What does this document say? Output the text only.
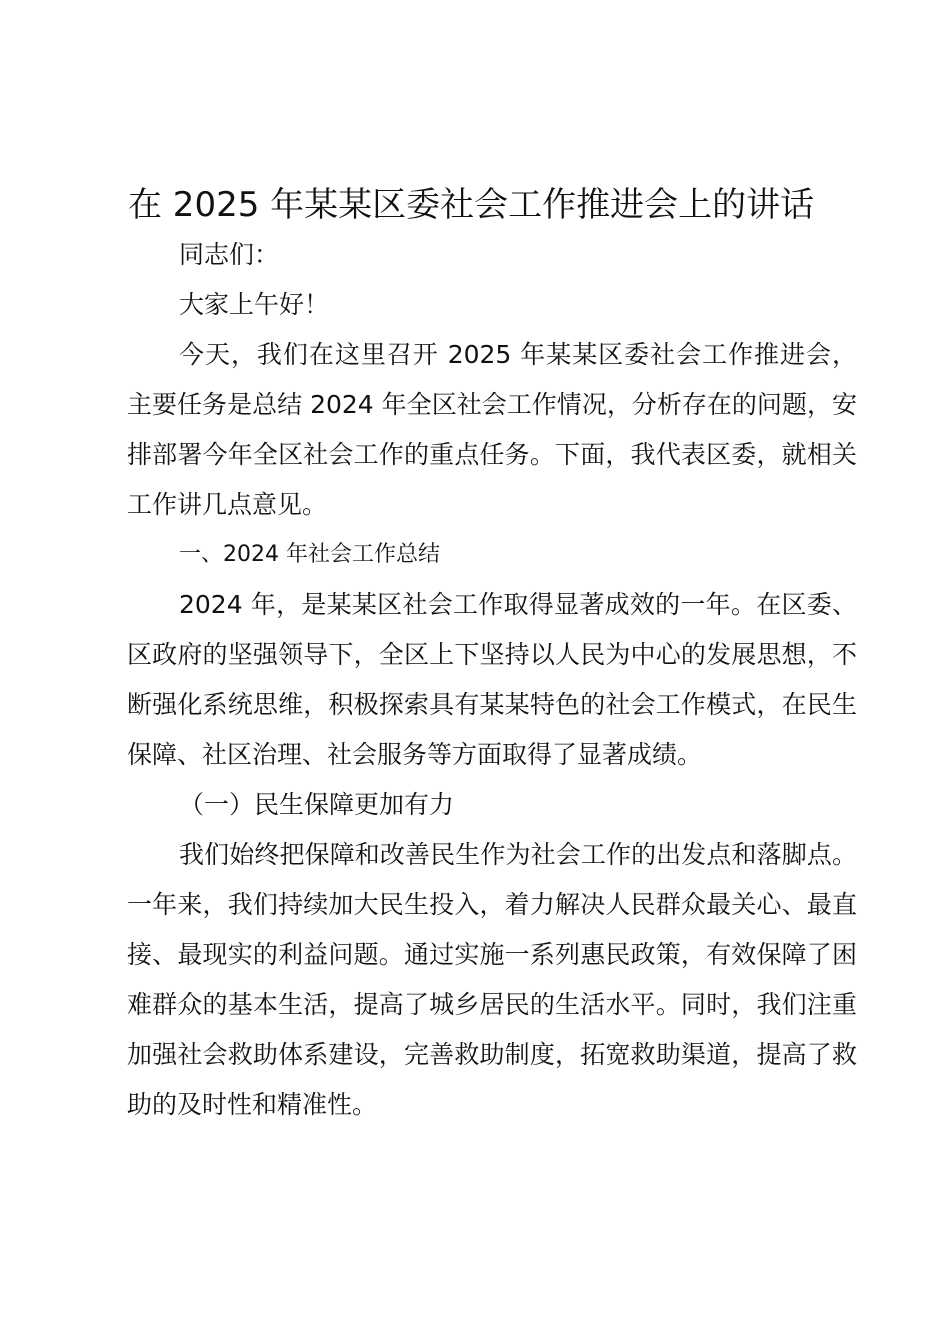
在 2025 年某某区委社会工作推进会上的讲话

同志们：

大家上午好！

今天，我们在这里召开 2025 年某某区委社会工作推进会，主要任务是总结 2024 年全区社会工作情况，分析存在的问题，安排部署今年全区社会工作的重点任务。下面，我代表区委，就相关工作讲几点意见。

一、2024 年社会工作总结

2024 年，是某某区社会工作取得显著成效的一年。在区委、区政府的坚强领导下，全区上下坚持以人民为中心的发展思想，不断强化系统思维，积极探索具有某某特色的社会工作模式，在民生保障、社区治理、社会服务等方面取得了显著成绩。

（一）民生保障更加有力

我们始终把保障和改善民生作为社会工作的出发点和落脚点。一年来，我们持续加大民生投入，着力解决人民群众最关心、最直接、最现实的利益问题。通过实施一系列惠民政策，有效保障了困难群众的基本生活，提高了城乡居民的生活水平。同时，我们注重加强社会救助体系建设，完善救助制度，拓宽救助渠道，提高了救助的及时性和精准性。
